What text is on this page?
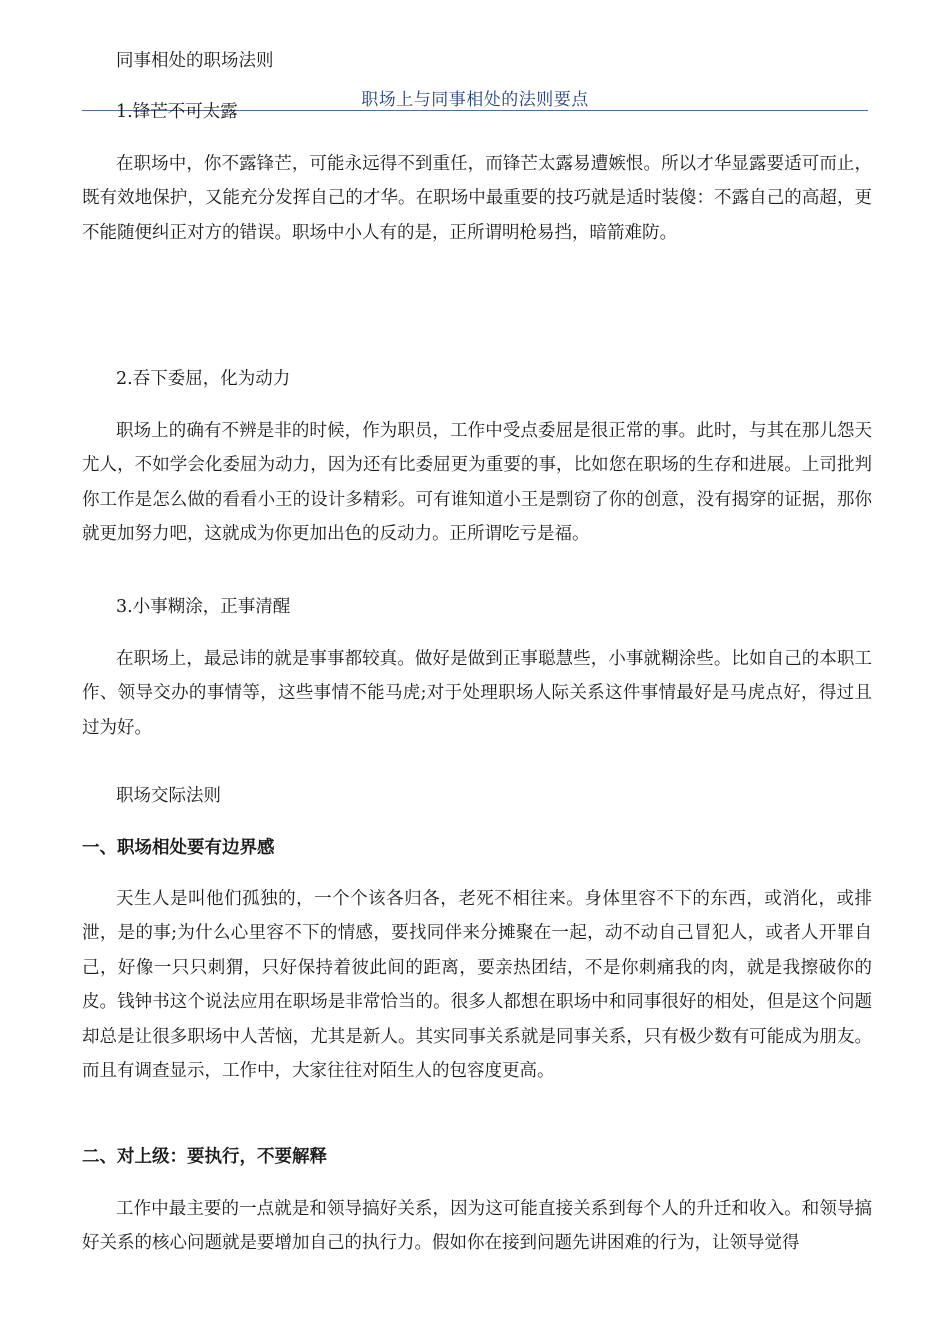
职场上与同事相处的法则要点

同事相处的职场法则

1.锋芒不可太露

在职场中，你不露锋芒，可能永远得不到重任，而锋芒太露易遭嫉恨。所以才华显露要适可而止，既有效地保护，又能充分发挥自己的才华。在职场中最重要的技巧就是适时装傻：不露自己的高超，更不能随便纠正对方的错误。职场中小人有的是，正所谓明枪易挡，暗箭难防。

2.吞下委屈，化为动力

职场上的确有不辨是非的时候，作为职员，工作中受点委屈是很正常的事。此时，与其在那儿怨天尤人，不如学会化委屈为动力，因为还有比委屈更为重要的事，比如您在职场的生存和进展。上司批判你工作是怎么做的看看小王的设计多精彩。可有谁知道小王是剽窃了你的创意，没有揭穿的证据，那你就更加努力吧，这就成为你更加出色的反动力。正所谓吃亏是福。

3.小事糊涂，正事清醒

在职场上，最忌讳的就是事事都较真。做好是做到正事聪慧些，小事就糊涂些。比如自己的本职工作、领导交办的事情等，这些事情不能马虎;对于处理职场人际关系这件事情最好是马虎点好，得过且过为好。

职场交际法则

一、职场相处要有边界感

天生人是叫他们孤独的，一个个该各归各，老死不相往来。身体里容不下的东西，或消化，或排泄，是的事;为什么心里容不下的情感，要找同伴来分摊聚在一起，动不动自己冒犯人，或者人开罪自己，好像一只只刺猬，只好保持着彼此间的距离，要亲热团结，不是你刺痛我的肉，就是我擦破你的皮。钱钟书这个说法应用在职场是非常恰当的。很多人都想在职场中和同事很好的相处，但是这个问题却总是让很多职场中人苦恼，尤其是新人。其实同事关系就是同事关系，只有极少数有可能成为朋友。而且有调查显示，工作中，大家往往对陌生人的包容度更高。

二、对上级：要执行，不要解释

工作中最主要的一点就是和领导搞好关系，因为这可能直接关系到每个人的升迁和收入。和领导搞好关系的核心问题就是要增加自己的执行力。假如你在接到问题先讲困难的行为，让领导觉得
